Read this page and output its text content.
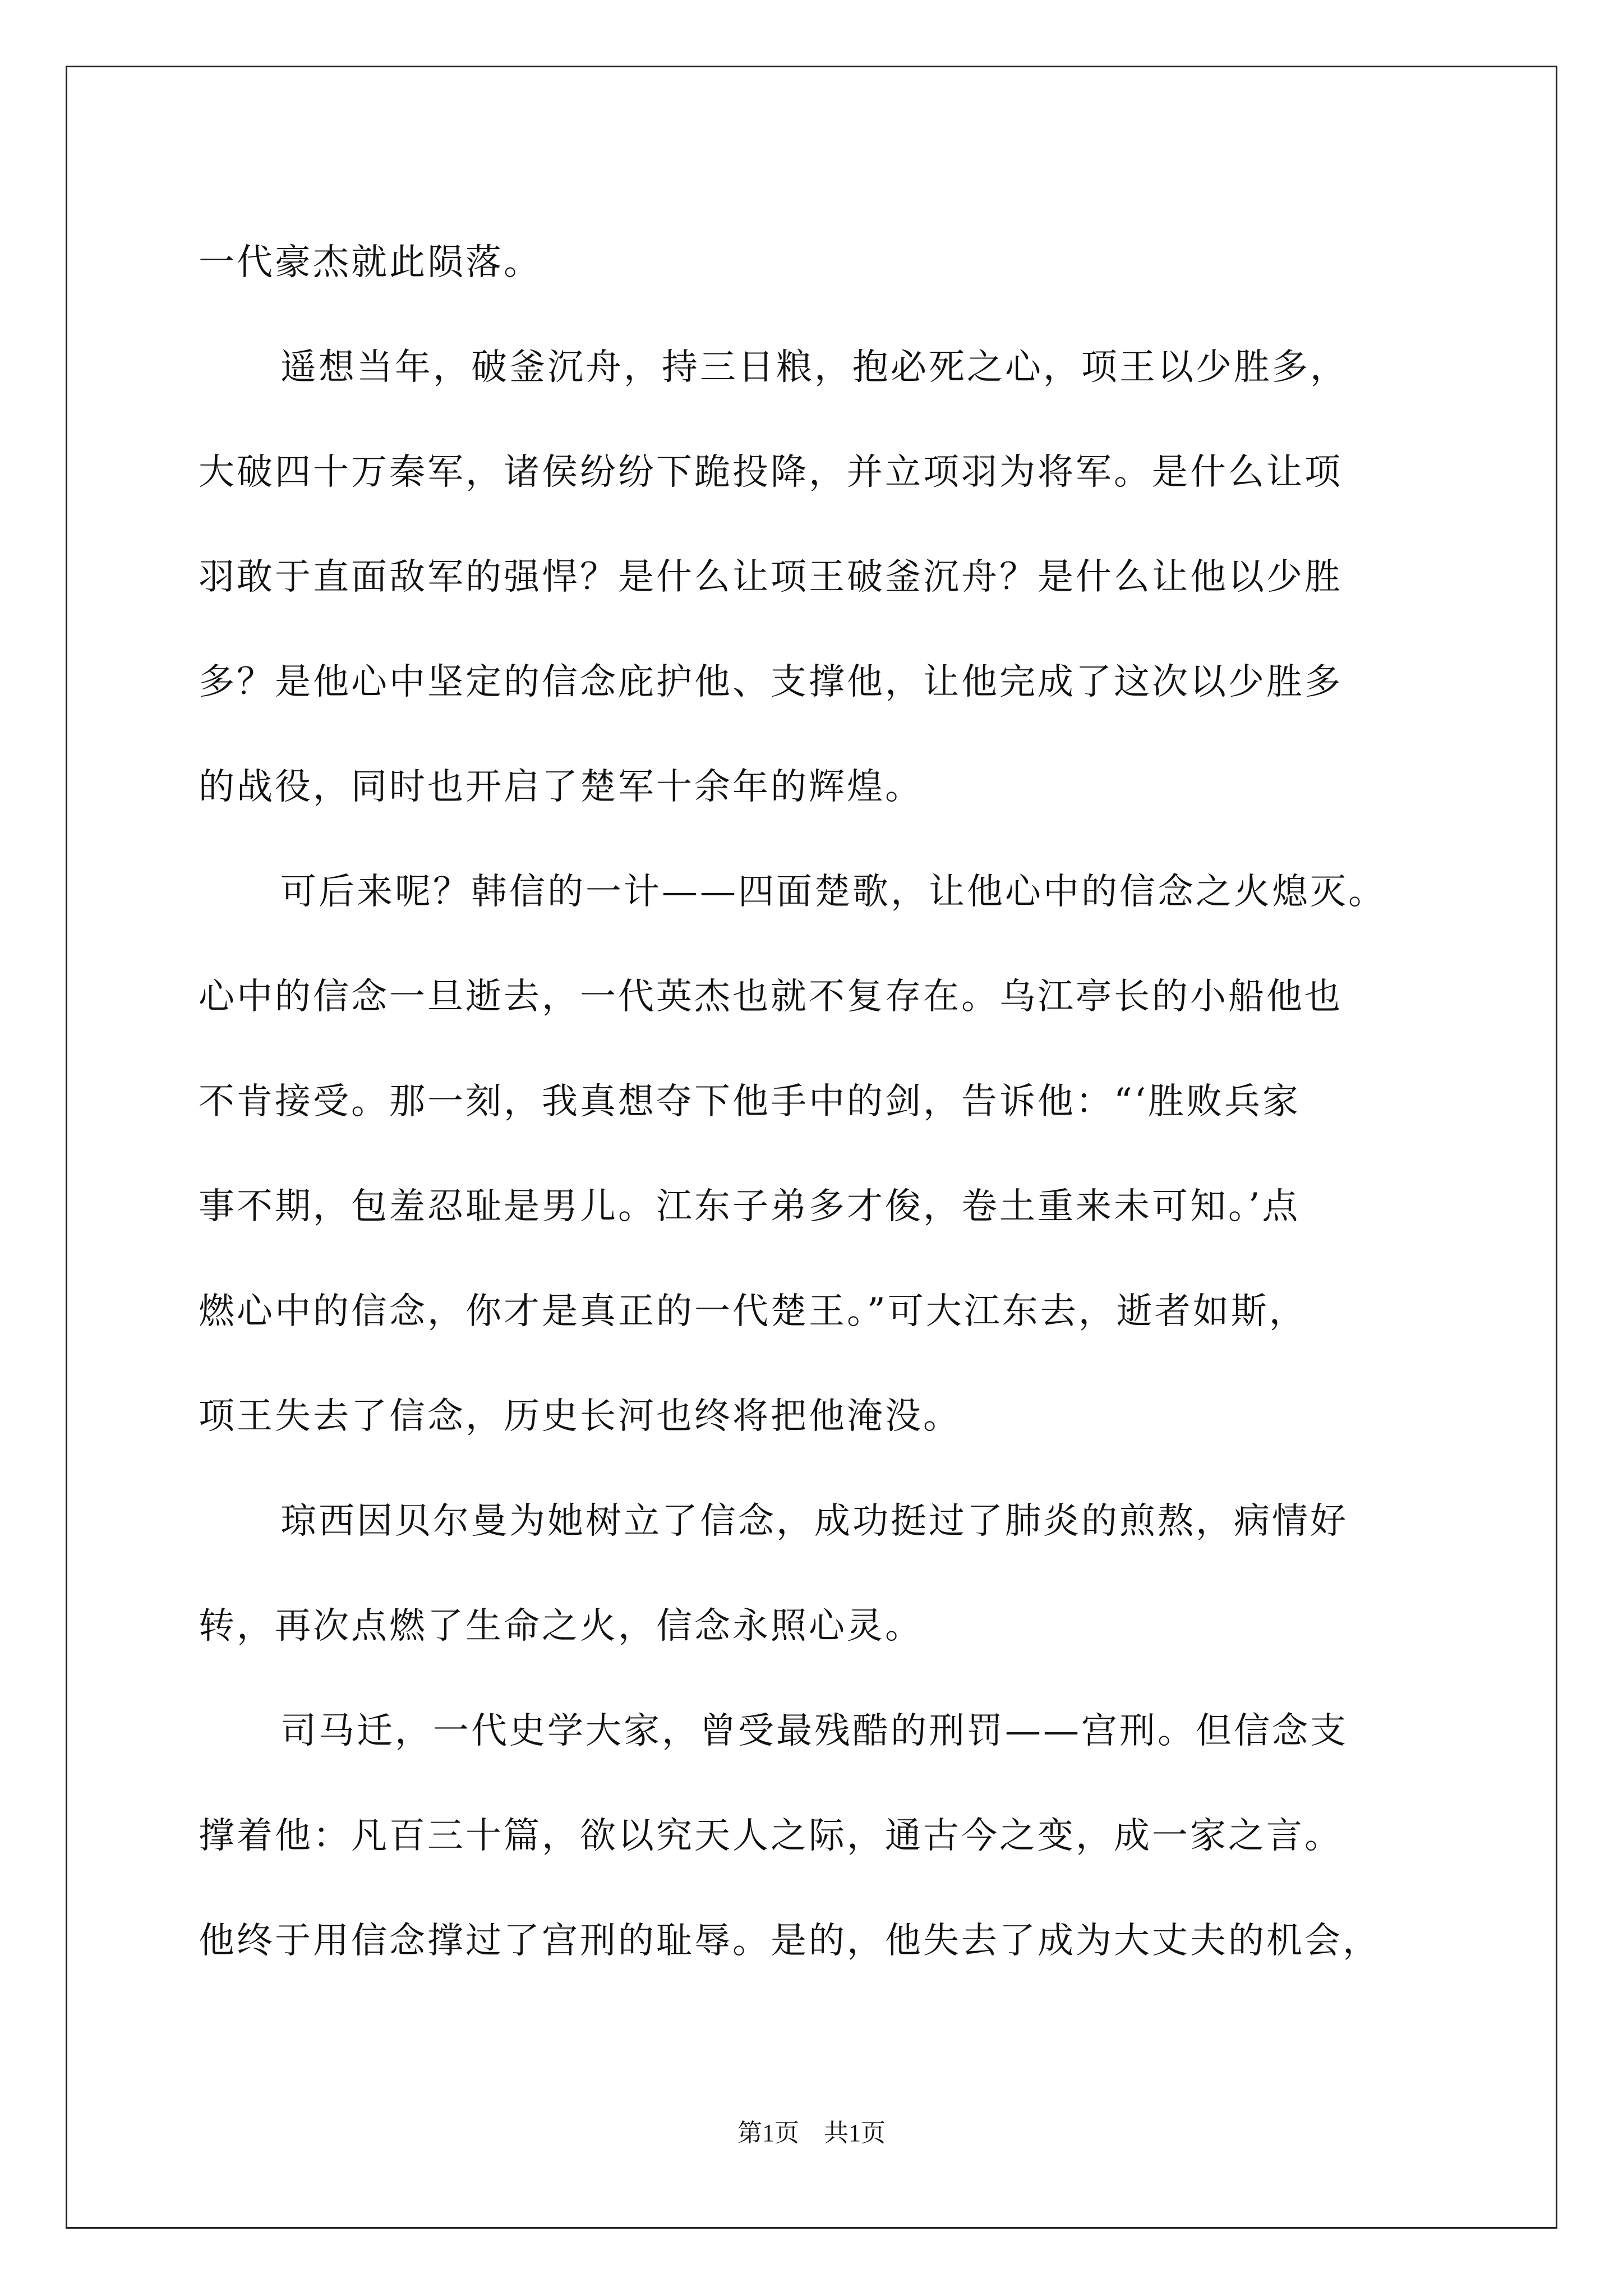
一代豪杰就此陨落。
遥想当年，破釜沉舟，持三日粮，抱必死之心，项王以少胜多，
大破四十万秦军，诸侯纷纷下跪投降，并立项羽为将军。是什么让项
羽敢于直面敌军的强悍？是什么让项王破釜沉舟？是什么让他以少胜
多？是他心中坚定的信念庇护他、支撑他，让他完成了这次以少胜多
的战役，同时也开启了楚军十余年的辉煌。
可后来呢？韩信的一计——四面楚歌，让他心中的信念之火熄灭。
心中的信念一旦逝去，一代英杰也就不复存在。乌江亭长的小船他也
不肯接受。那一刻，我真想夺下他手中的剑，告诉他：“‘胜败兵家
事不期，包羞忍耻是男儿。江东子弟多才俊，卷土重来未可知。’点
燃心中的信念，你才是真正的一代楚王。”可大江东去，逝者如斯，
项王失去了信念，历史长河也终将把他淹没。
琼西因贝尔曼为她树立了信念，成功挺过了肺炎的煎熬，病情好
转，再次点燃了生命之火，信念永照心灵。
司马迁，一代史学大家，曾受最残酷的刑罚——宫刑。但信念支
撑着他：凡百三十篇，欲以究天人之际，通古今之变，成一家之言。
他终于用信念撑过了宫刑的耻辱。是的，他失去了成为大丈夫的机会，
第1页　共1页
